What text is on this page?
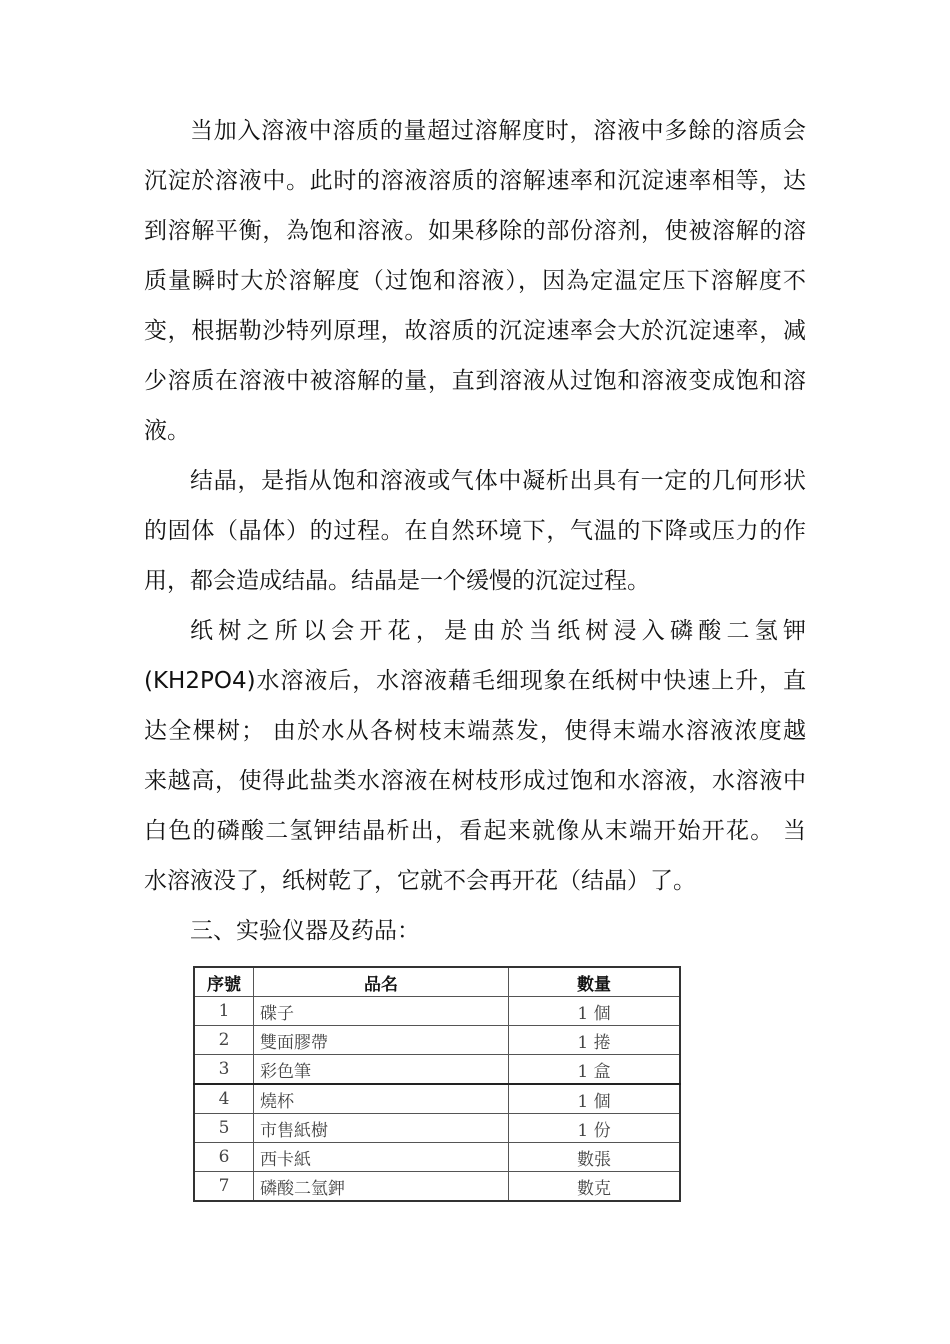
当加入溶液中溶质的量超过溶解度时，溶液中多餘的溶质会
沉淀於溶液中。此时的溶液溶质的溶解速率和沉淀速率相等，达
到溶解平衡，為饱和溶液。如果移除的部份溶剂，使被溶解的溶
质量瞬时大於溶解度（过饱和溶液），因為定温定压下溶解度不
变，根据勒沙特列原理，故溶质的沉淀速率会大於沉淀速率，减
少溶质在溶液中被溶解的量，直到溶液从过饱和溶液变成饱和溶
液。
结晶，是指从饱和溶液或气体中凝析出具有一定的几何形状
的固体（晶体）的过程。在自然环境下，气温的下降或压力的作
用，都会造成结晶。结晶是一个缓慢的沉淀过程。
纸树之所以会开花，是由於当纸树浸入磷酸二氢钾
(KH2PO4)水溶液后，水溶液藉毛细现象在纸树中快速上升，直
达全棵树； 由於水从各树枝末端蒸发，使得末端水溶液浓度越
来越高，使得此盐类水溶液在树枝形成过饱和水溶液，水溶液中
白色的磷酸二氢钾结晶析出，看起来就像从末端开始开花。 当
水溶液没了，纸树乾了，它就不会再开花（结晶）了。
三、实验仪器及药品：
序號	品名	數量
1	碟子	1 個
2	雙面膠帶	1 捲
3	彩色筆	1 盒
4	燒杯	1 個
5	市售紙樹	1 份
6	西卡紙	數張
7	磷酸二氫鉀	數克
